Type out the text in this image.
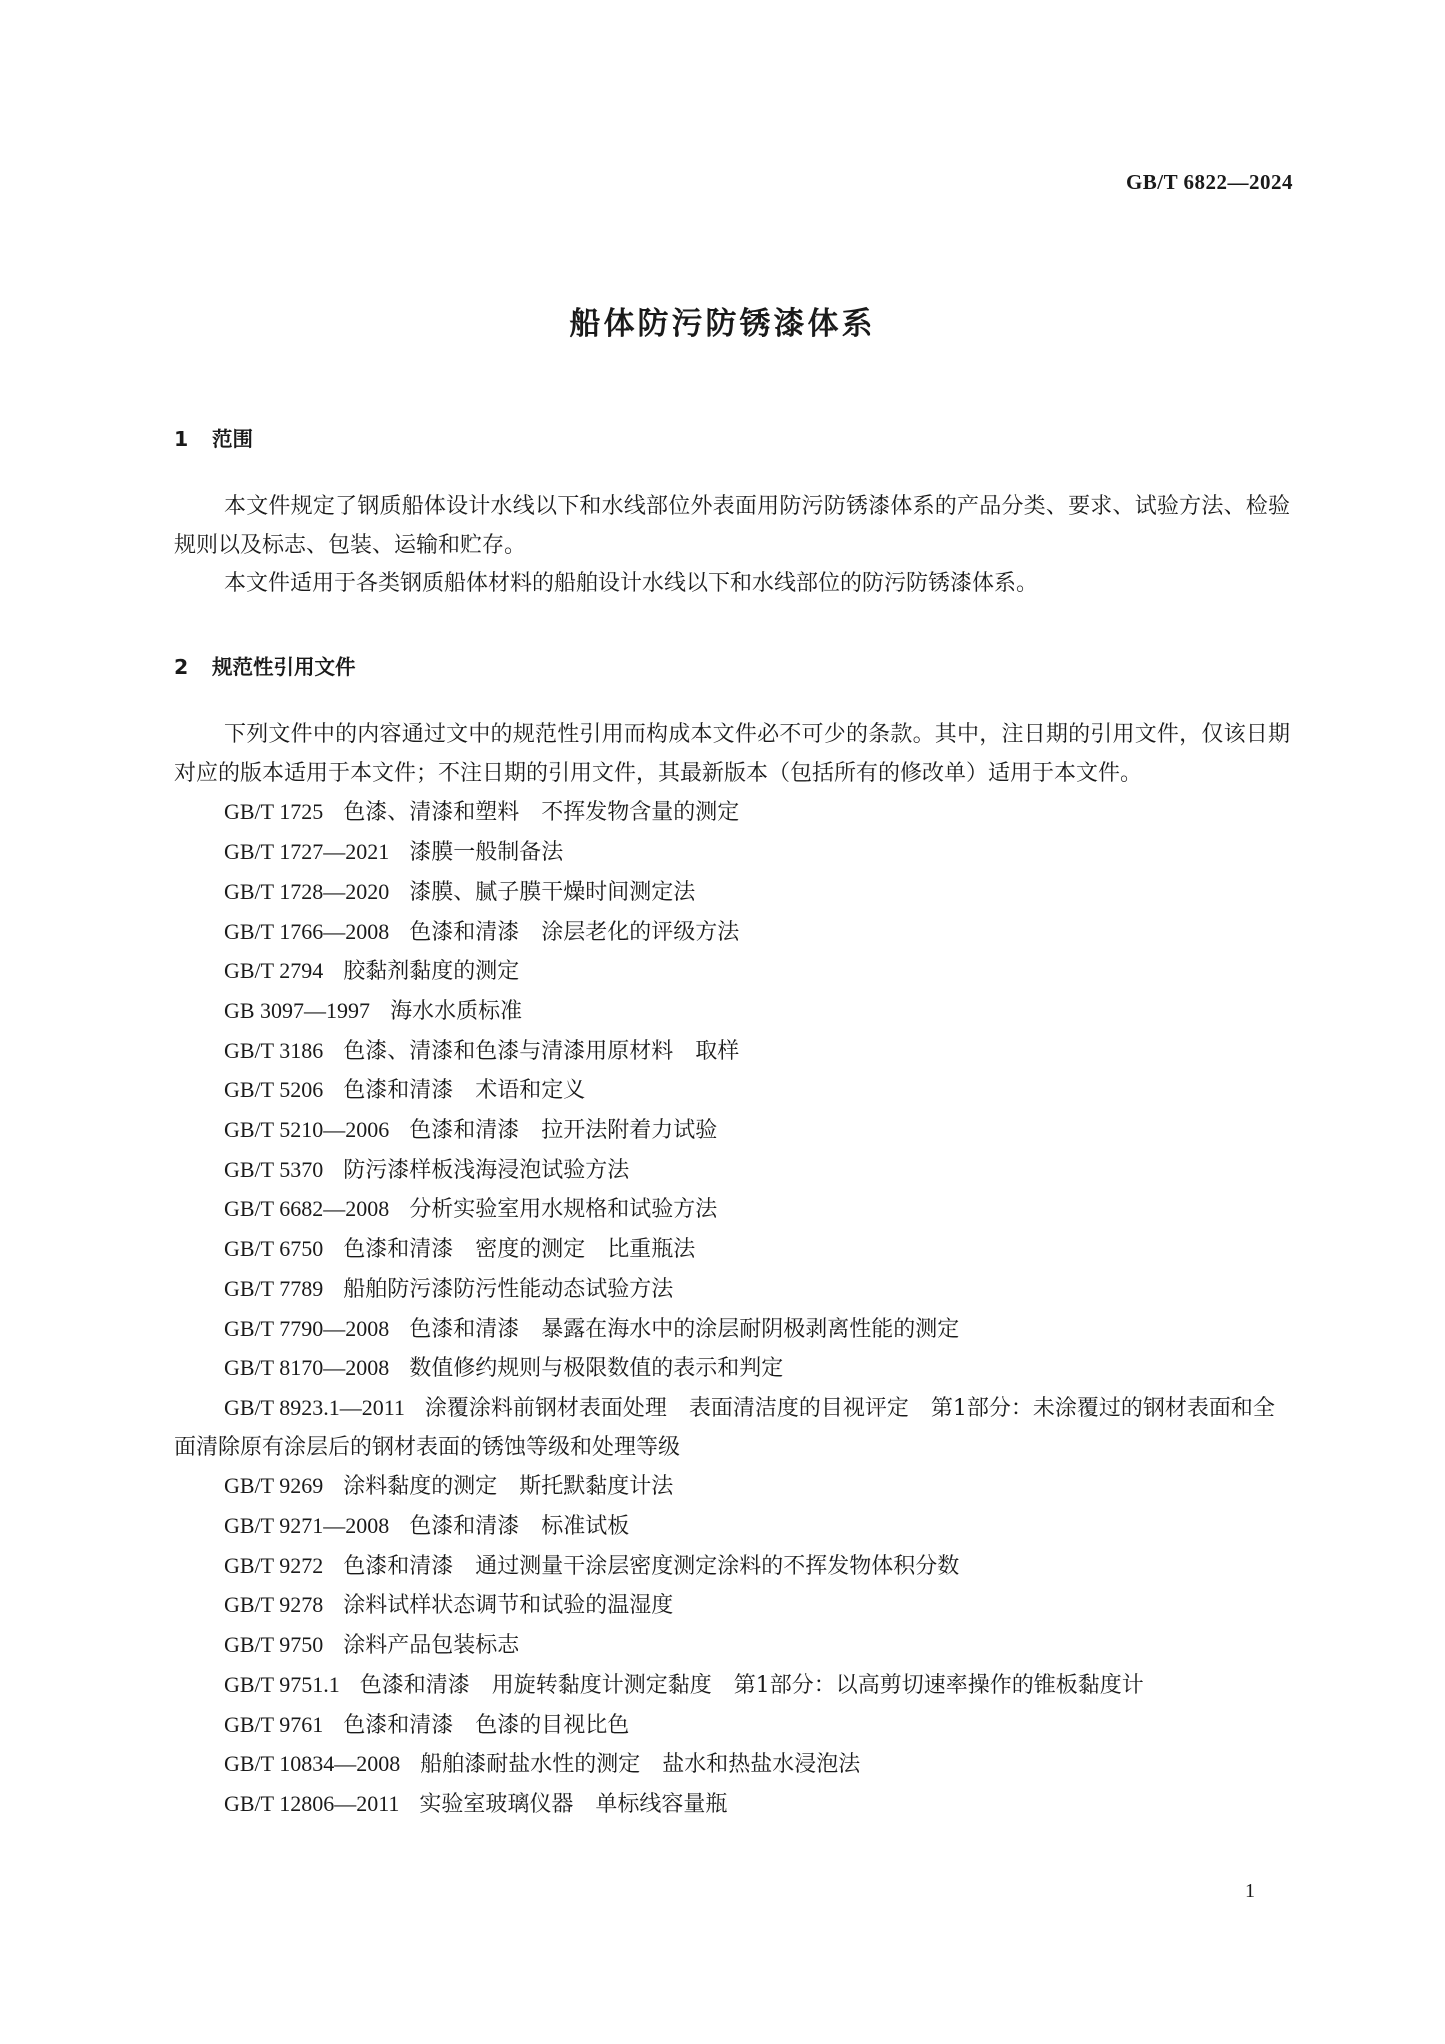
GB/T 6822—2024
船体防污防锈漆体系
1 范围

本文件规定了钢质船体设计水线以下和水线部位外表面用防污防锈漆体系的产品分类、要求、试验方法、检验规则以及标志、包装、运输和贮存。

本文件适用于各类钢质船体材料的船舶设计水线以下和水线部位的防污防锈漆体系。

2 规范性引用文件

下列文件中的内容通过文中的规范性引用而构成本文件必不可少的条款。其中，注日期的引用文件，仅该日期对应的版本适用于本文件；不注日期的引用文件，其最新版本（包括所有的修改单）适用于本文件。

GB/T 1725 色漆、清漆和塑料　不挥发物含量的测定
GB/T 1727—2021 漆膜一般制备法
GB/T 1728—2020 漆膜、腻子膜干燥时间测定法
GB/T 1766—2008 色漆和清漆　涂层老化的评级方法
GB/T 2794 胶黏剂黏度的测定
GB 3097—1997 海水水质标准
GB/T 3186 色漆、清漆和色漆与清漆用原材料　取样
GB/T 5206 色漆和清漆　术语和定义
GB/T 5210—2006 色漆和清漆　拉开法附着力试验
GB/T 5370 防污漆样板浅海浸泡试验方法
GB/T 6682—2008 分析实验室用水规格和试验方法
GB/T 6750 色漆和清漆　密度的测定　比重瓶法
GB/T 7789 船舶防污漆防污性能动态试验方法
GB/T 7790—2008 色漆和清漆　暴露在海水中的涂层耐阴极剥离性能的测定
GB/T 8170—2008 数值修约规则与极限数值的表示和判定
GB/T 8923.1—2011 涂覆涂料前钢材表面处理　表面清洁度的目视评定　第1部分：未涂覆过的钢材表面和全面清除原有涂层后的钢材表面的锈蚀等级和处理等级
GB/T 9269 涂料黏度的测定　斯托默黏度计法
GB/T 9271—2008 色漆和清漆　标准试板
GB/T 9272 色漆和清漆　通过测量干涂层密度测定涂料的不挥发物体积分数
GB/T 9278 涂料试样状态调节和试验的温湿度
GB/T 9750 涂料产品包装标志
GB/T 9751.1 色漆和清漆　用旋转黏度计测定黏度　第1部分：以高剪切速率操作的锥板黏度计
GB/T 9761 色漆和清漆　色漆的目视比色
GB/T 10834—2008 船舶漆耐盐水性的测定　盐水和热盐水浸泡法
GB/T 12806—2011 实验室玻璃仪器　单标线容量瓶
1
